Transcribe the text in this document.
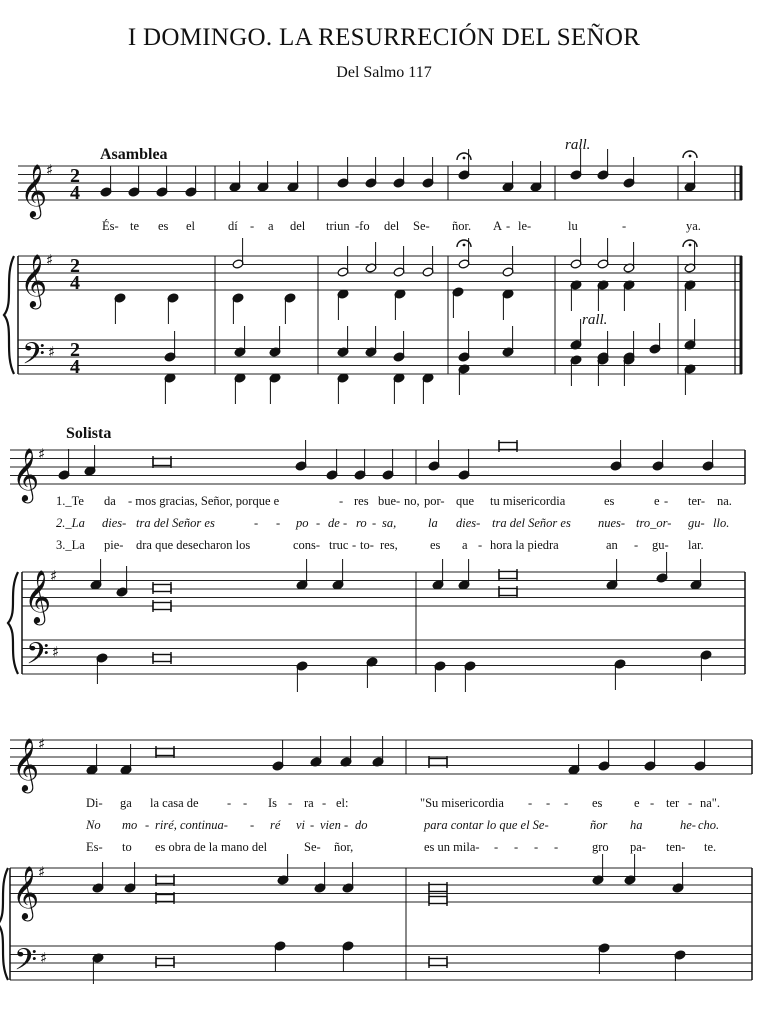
I DOMINGO. LA RESURRECIÓN DEL SEÑOR
Del Salmo 117
Asamblea
rall.
rall.
Solista
És- te es el	dí - a del triun -fo del Se- ñor. A - le-	lu	-	ya.
1._Te da - mos gracias, Señor, porque e	- res bue- no, por- que tu misericordia	es	e - ter- na.
2._La dies- tra del Señor es	- - po - de - ro - sa,	la dies- tra del Señor es nues- tro_or- gu- llo.
3._La pie- dra que desecharon los	cons- truc - to- res,	es a - hora la piedra	an - gu- lar.
Di- ga la casa de - - Is - ra - el:	"Su misericordia - - - es	e - ter - na".
No mo - riré, continua- - ré vi - vien - do	para contar lo que el Se-	ñor ha	he- cho.
Es- to es obra de la mano del	Se- ñor,	es un mila- - - - -	gro pa- ten- te.
𝄞
♯
𝄞
♯
𝄢 ♯
𝄞
♯
𝄞
♯
𝄢 ♯
𝄞
♯
𝄞
♯
𝄢 ♯
2
4
2
4
2
4
